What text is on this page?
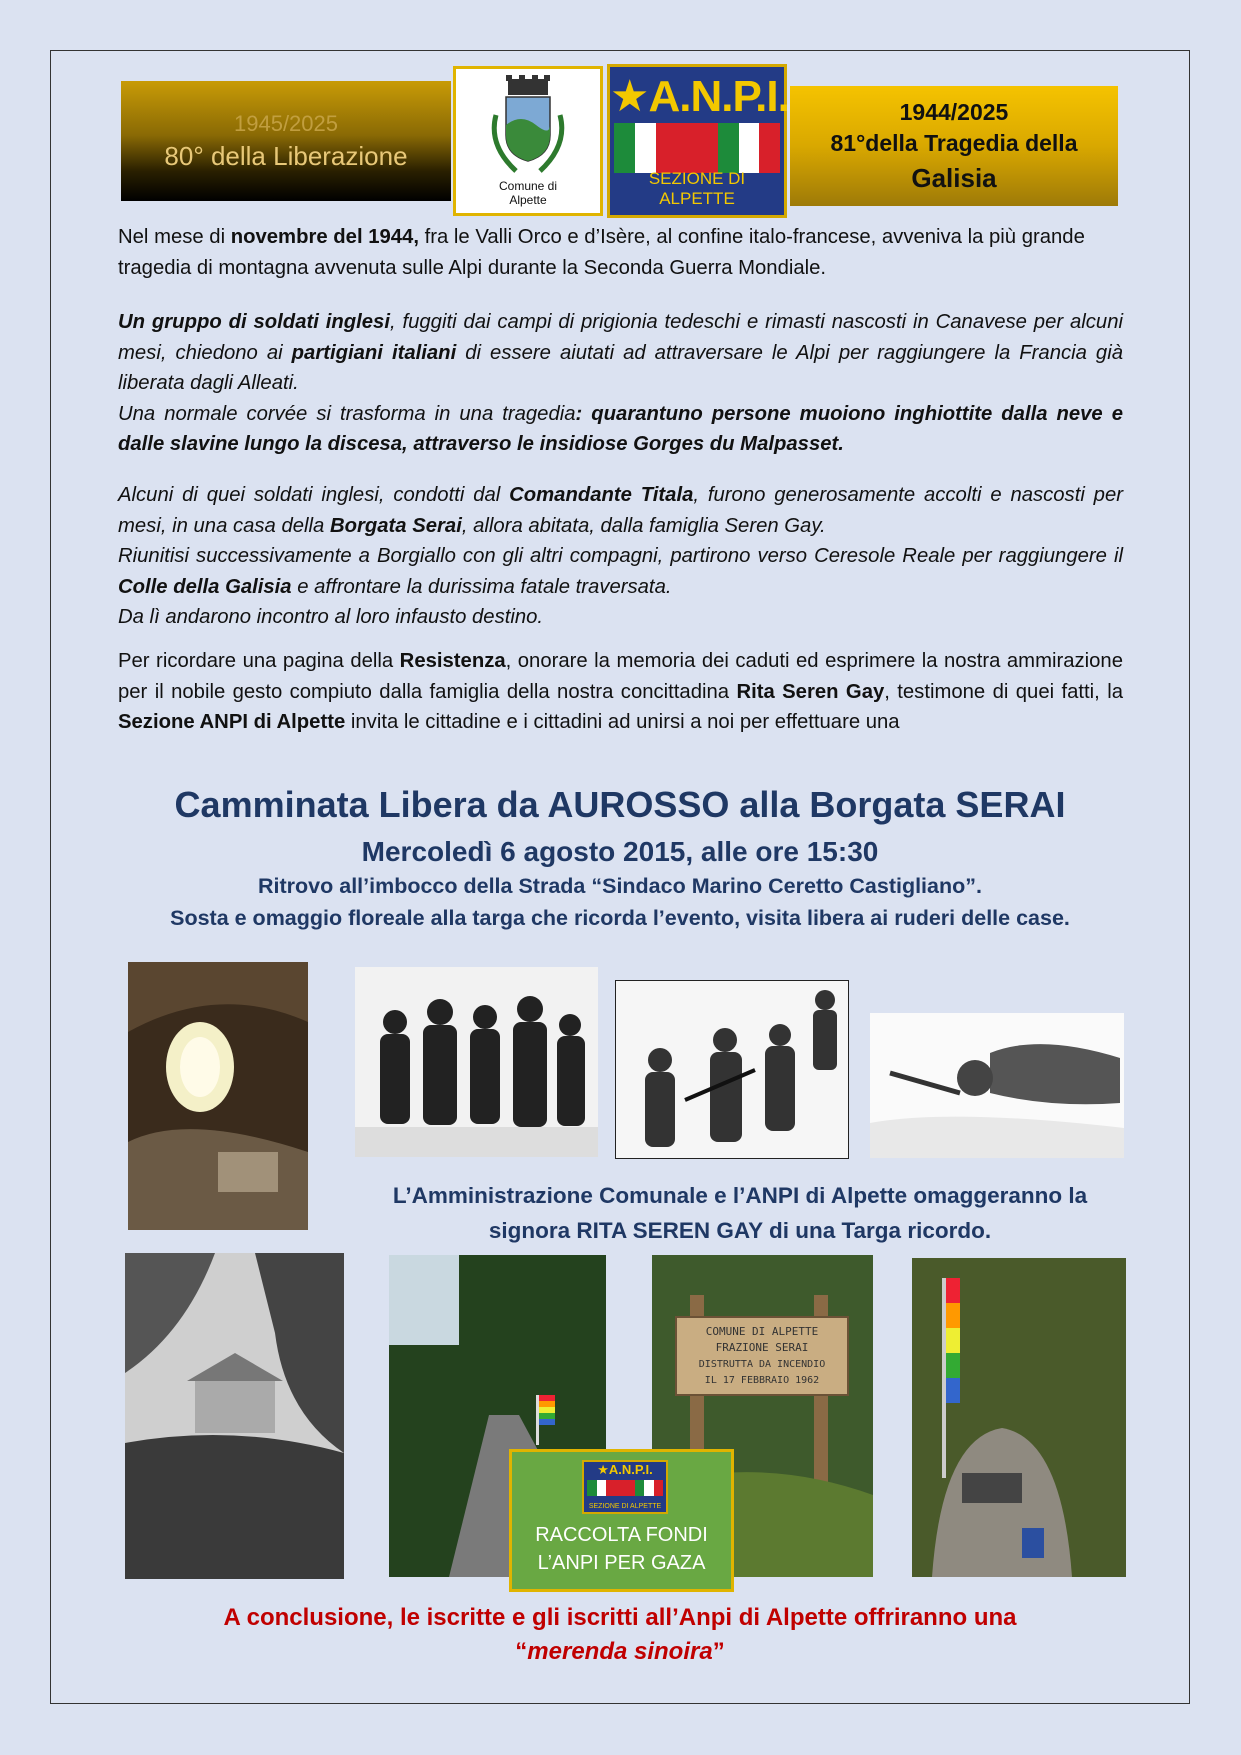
1945/2025
80° della Liberazione
Comune di
Alpette
★A.N.P.I.
SEZIONE DI ALPETTE
1944/2025
81°della Tragedia della
Galisia
Nel mese di novembre del 1944, fra le Valli Orco e d’Isère, al confine italo-francese, avveniva la più grande tragedia di montagna avvenuta sulle Alpi durante la Seconda Guerra Mondiale.
Un gruppo di soldati inglesi, fuggiti dai campi di prigionia tedeschi e rimasti nascosti in Canavese per alcuni mesi, chiedono ai partigiani italiani di essere aiutati ad attraversare le Alpi per raggiungere la Francia già liberata dagli Alleati.
Una normale corvée si trasforma in una tragedia: quarantuno persone muoiono inghiottite dalla neve e dalle slavine lungo la discesa, attraverso le insidiose Gorges du Malpasset.
Alcuni di quei soldati inglesi, condotti dal Comandante Titala, furono generosamente accolti e nascosti per mesi, in una casa della Borgata Serai, allora abitata, dalla famiglia Seren Gay.
Riunitisi successivamente a Borgiallo con gli altri compagni, partirono verso Ceresole Reale per raggiungere il Colle della Galisia e affrontare la durissima fatale traversata.
Da lì andarono incontro al loro infausto destino.
Per ricordare una pagina della Resistenza, onorare la memoria dei caduti ed esprimere la nostra ammirazione per il nobile gesto compiuto dalla famiglia della nostra concittadina Rita Seren Gay, testimone di quei fatti, la Sezione ANPI di Alpette invita le cittadine e i cittadini ad unirsi a noi per effettuare una
Camminata Libera da AUROSSO alla Borgata SERAI
Mercoledì 6 agosto 2015, alle ore 15:30
Ritrovo all’imbocco della Strada “Sindaco Marino Ceretto Castigliano”.
Sosta e omaggio floreale alla targa che ricorda l’evento, visita libera ai ruderi delle case.
COMUNE DI ALPETTE
FRAZIONE SERAI
DISTRUTTA DA INCENDIO
IL 17 FEBBRAIO 1962
L’Amministrazione Comunale e l’ANPI di Alpette omaggeranno la
signora RITA SEREN GAY di una Targa ricordo.
★A.N.P.I.
SEZIONE DI ALPETTE
RACCOLTA FONDI
L’ANPI PER GAZA
A conclusione, le iscritte e gli iscritti all’Anpi di Alpette offriranno una
“merenda sinoira”
